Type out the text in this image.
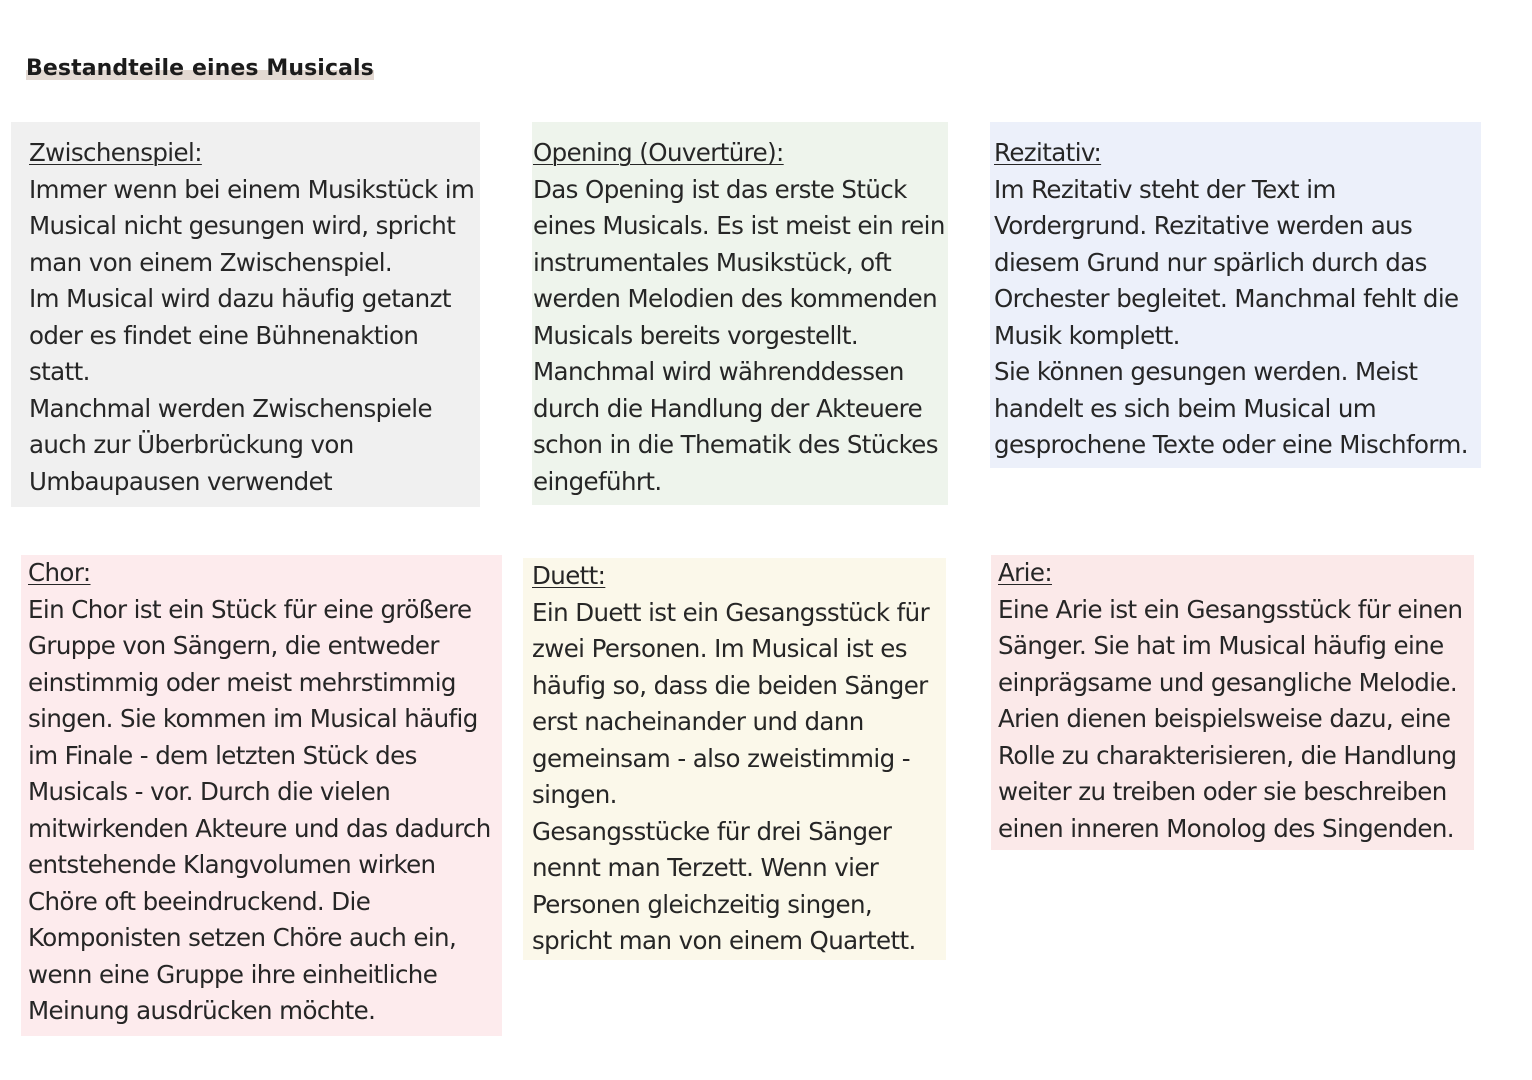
Bestandteile eines Musicals
Zwischenspiel:
Immer wenn bei einem Musikstück im
Musical nicht gesungen wird, spricht
man von einem Zwischenspiel.
Im Musical wird dazu häufig getanzt
oder es findet eine Bühnenaktion
statt.
Manchmal werden Zwischenspiele
auch zur Überbrückung von
Umbaupausen verwendet
Opening (Ouvertüre):
Das Opening ist das erste Stück
eines Musicals. Es ist meist ein rein
instrumentales Musikstück, oft
werden Melodien des kommenden
Musicals bereits vorgestellt.
Manchmal wird währenddessen
durch die Handlung der Akteuere
schon in die Thematik des Stückes
eingeführt.
Rezitativ:
Im Rezitativ steht der Text im
Vordergrund. Rezitative werden aus
diesem Grund nur spärlich durch das
Orchester begleitet. Manchmal fehlt die
Musik komplett.
Sie können gesungen werden. Meist
handelt es sich beim Musical um
gesprochene Texte oder eine Mischform.
Chor:
Ein Chor ist ein Stück für eine größere
Gruppe von Sängern, die entweder
einstimmig oder meist mehrstimmig
singen. Sie kommen im Musical häufig
im Finale - dem letzten Stück des
Musicals - vor. Durch die vielen
mitwirkenden Akteure und das dadurch
entstehende Klangvolumen wirken
Chöre oft beeindruckend. Die
Komponisten setzen Chöre auch ein,
wenn eine Gruppe ihre einheitliche
Meinung ausdrücken möchte.
Duett:
Ein Duett ist ein Gesangsstück für
zwei Personen. Im Musical ist es
häufig so, dass die beiden Sänger
erst nacheinander und dann
gemeinsam - also zweistimmig -
singen.
Gesangsstücke für drei Sänger
nennt man Terzett. Wenn vier
Personen gleichzeitig singen,
spricht man von einem Quartett.
Arie:
Eine Arie ist ein Gesangsstück für einen
Sänger. Sie hat im Musical häufig eine
einprägsame und gesangliche Melodie.
Arien dienen beispielsweise dazu, eine
Rolle zu charakterisieren, die Handlung
weiter zu treiben oder sie beschreiben
einen inneren Monolog des Singenden.
